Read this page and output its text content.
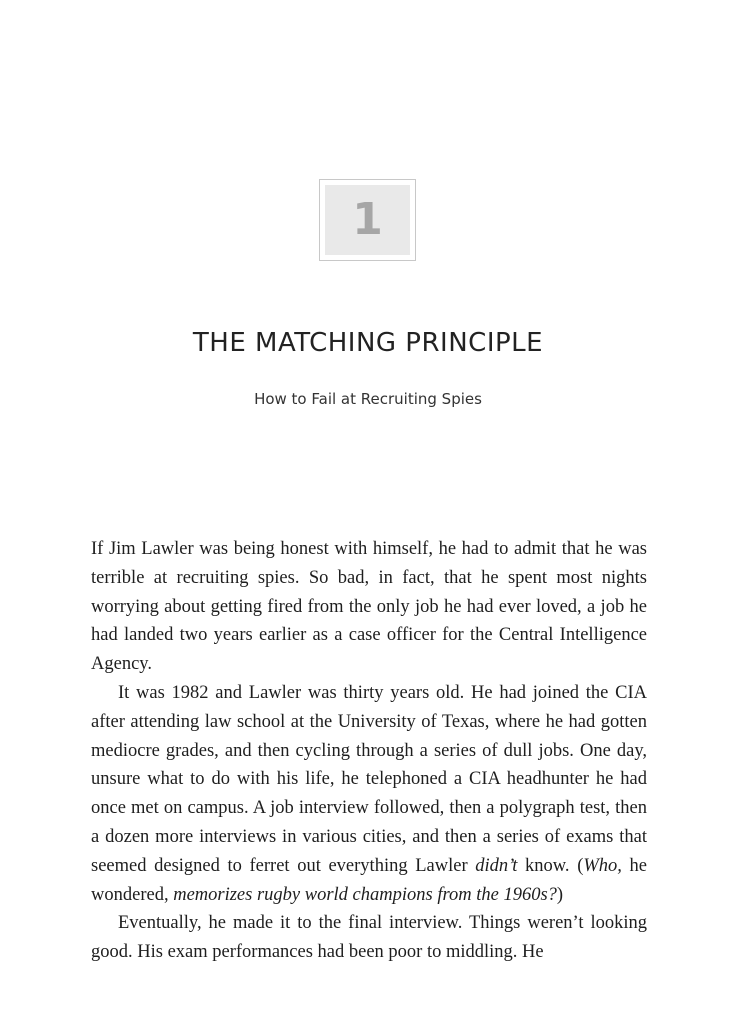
1
THE MATCHING PRINCIPLE
How to Fail at Recruiting Spies

If Jim Lawler was being honest with himself, he had to admit that he was terrible at recruiting spies. So bad, in fact, that he spent most nights worrying about getting fired from the only job he had ever loved, a job he had landed two years earlier as a case officer for the Central Intelligence Agency.

It was 1982 and Lawler was thirty years old. He had joined the CIA after attending law school at the University of Texas, where he had gotten mediocre grades, and then cycling through a series of dull jobs. One day, unsure what to do with his life, he telephoned a CIA headhunter he had once met on campus. A job interview followed, then a polygraph test, then a dozen more interviews in various cities, and then a series of exams that seemed designed to ferret out everything Lawler didn’t know. (Who, he wondered, memorizes rugby world champions from the 1960s?)

Eventually, he made it to the final interview. Things weren’t looking good. His exam performances had been poor to middling. He
